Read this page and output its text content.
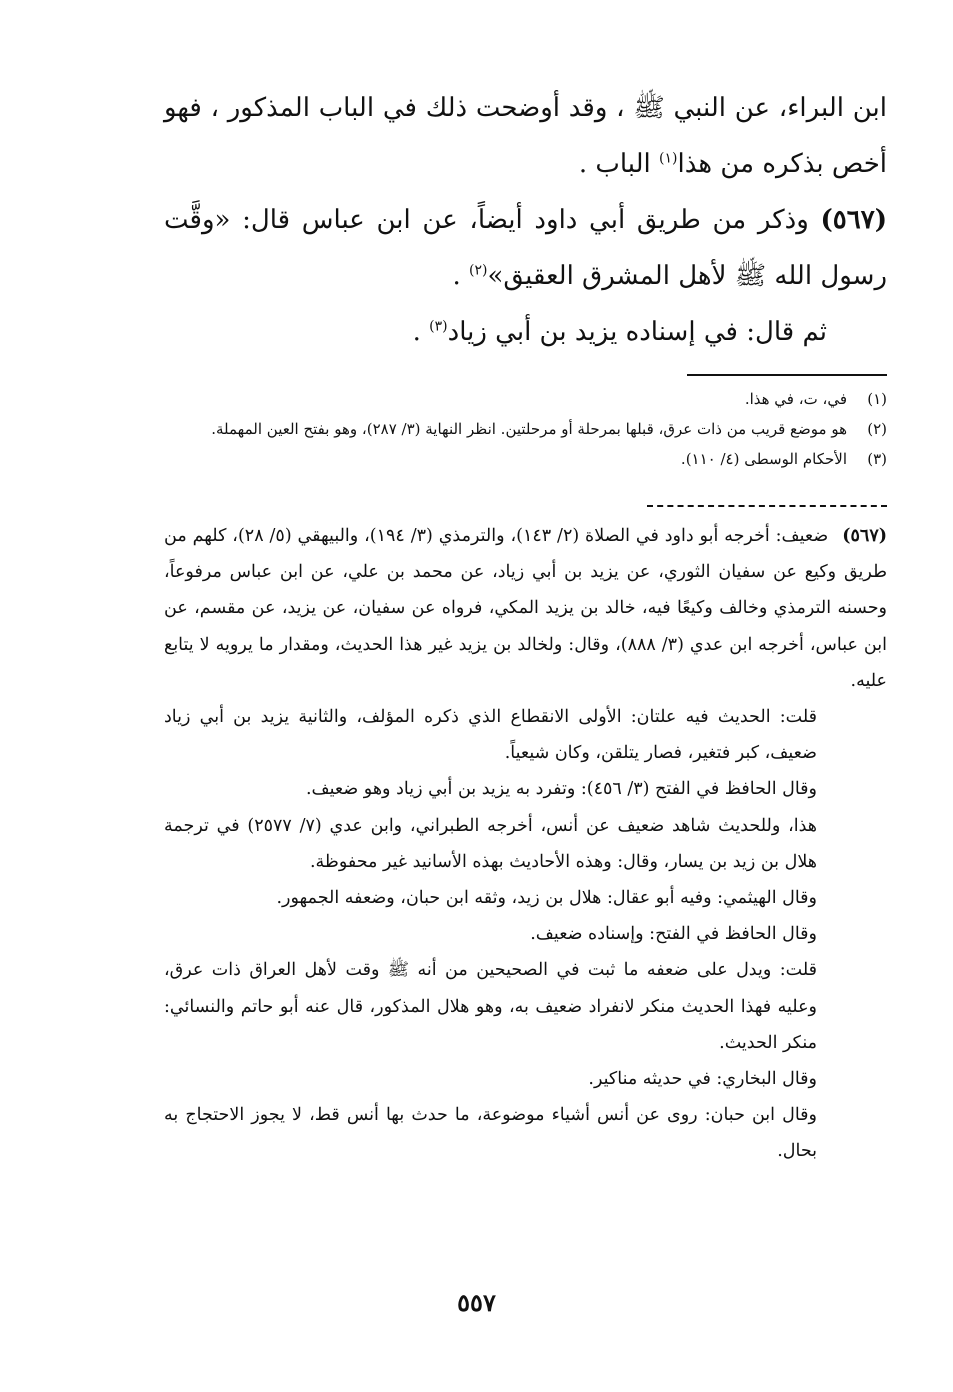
ابن البراء، عن النبي ﷺ ، وقد أوضحت ذلك في الباب المذكور ، فهو أخص بذكره من هذا$^{(١)}$ الباب .

(٥٦٧) وذكر من طريق أبي داود أيضاً، عن ابن عباس قال: «وقَّت رسول الله ﷺ لأهل المشرق العقيق»$^{(٢)}$ .

ثم قال: في إسناده يزيد بن أبي زياد$^{(٣)}$ .

(١)في، ت، في هذا.
(٢)هو موضع قريب من ذات عرق، قبلها بمرحلة أو مرحلتين. انظر النهاية (٣/ ٢٨٧)، وهو بفتح العين المهملة.
(٣)الأحكام الوسطى (٤/ ١١٠).

(٥٦٧)ضعيف: أخرجه أبو داود في الصلاة (٢/ ١٤٣)، والترمذي (٣/ ١٩٤)، والبيهقي (٥/ ٢٨)، كلهم من طريق وكيع عن سفيان الثوري، عن يزيد بن أبي زياد، عن محمد بن علي، عن ابن عباس مرفوعاً، وحسنه الترمذي وخالف وكيعًا فيه، خالد بن يزيد المكي، فرواه عن سفيان، عن يزيد، عن مقسم، عن ابن عباس، أخرجه ابن عدي (٣/ ٨٨٨)، وقال: ولخالد بن يزيد غير هذا الحديث، ومقدار ما يرويه لا يتابع عليه.

قلت: الحديث فيه علتان: الأولى الانقطاع الذي ذكره المؤلف، والثانية يزيد بن أبي زياد ضعيف، كبر فتغير، فصار يتلقن، وكان شيعياً.

وقال الحافظ في الفتح (٣/ ٤٥٦): وتفرد به يزيد بن أبي زياد وهو ضعيف.

هذا، وللحديث شاهد ضعيف عن أنس، أخرجه الطبراني، وابن عدي (٧/ ٢٥٧٧) في ترجمة هلال بن زيد بن يسار، وقال: وهذه الأحاديث بهذه الأسانيد غير محفوظة.

وقال الهيثمي: وفيه أبو عقال: هلال بن زيد، وثقه ابن حبان، وضعفه الجمهور.

وقال الحافظ في الفتح: وإسناده ضعيف.

قلت: ويدل على ضعفه ما ثبت في الصحيحين من أنه ﷺ وقت لأهل العراق ذات عرق، وعليه فهذا الحديث منكر لانفراد ضعيف به، وهو هلال المذكور، قال عنه أبو حاتم والنسائي: منكر الحديث.

وقال البخاري: في حديثه مناكير.

وقال ابن حبان: روى عن أنس أشياء موضوعة، ما حدث بها أنس قط، لا يجوز الاحتجاج به بحال.

٥٥٧
